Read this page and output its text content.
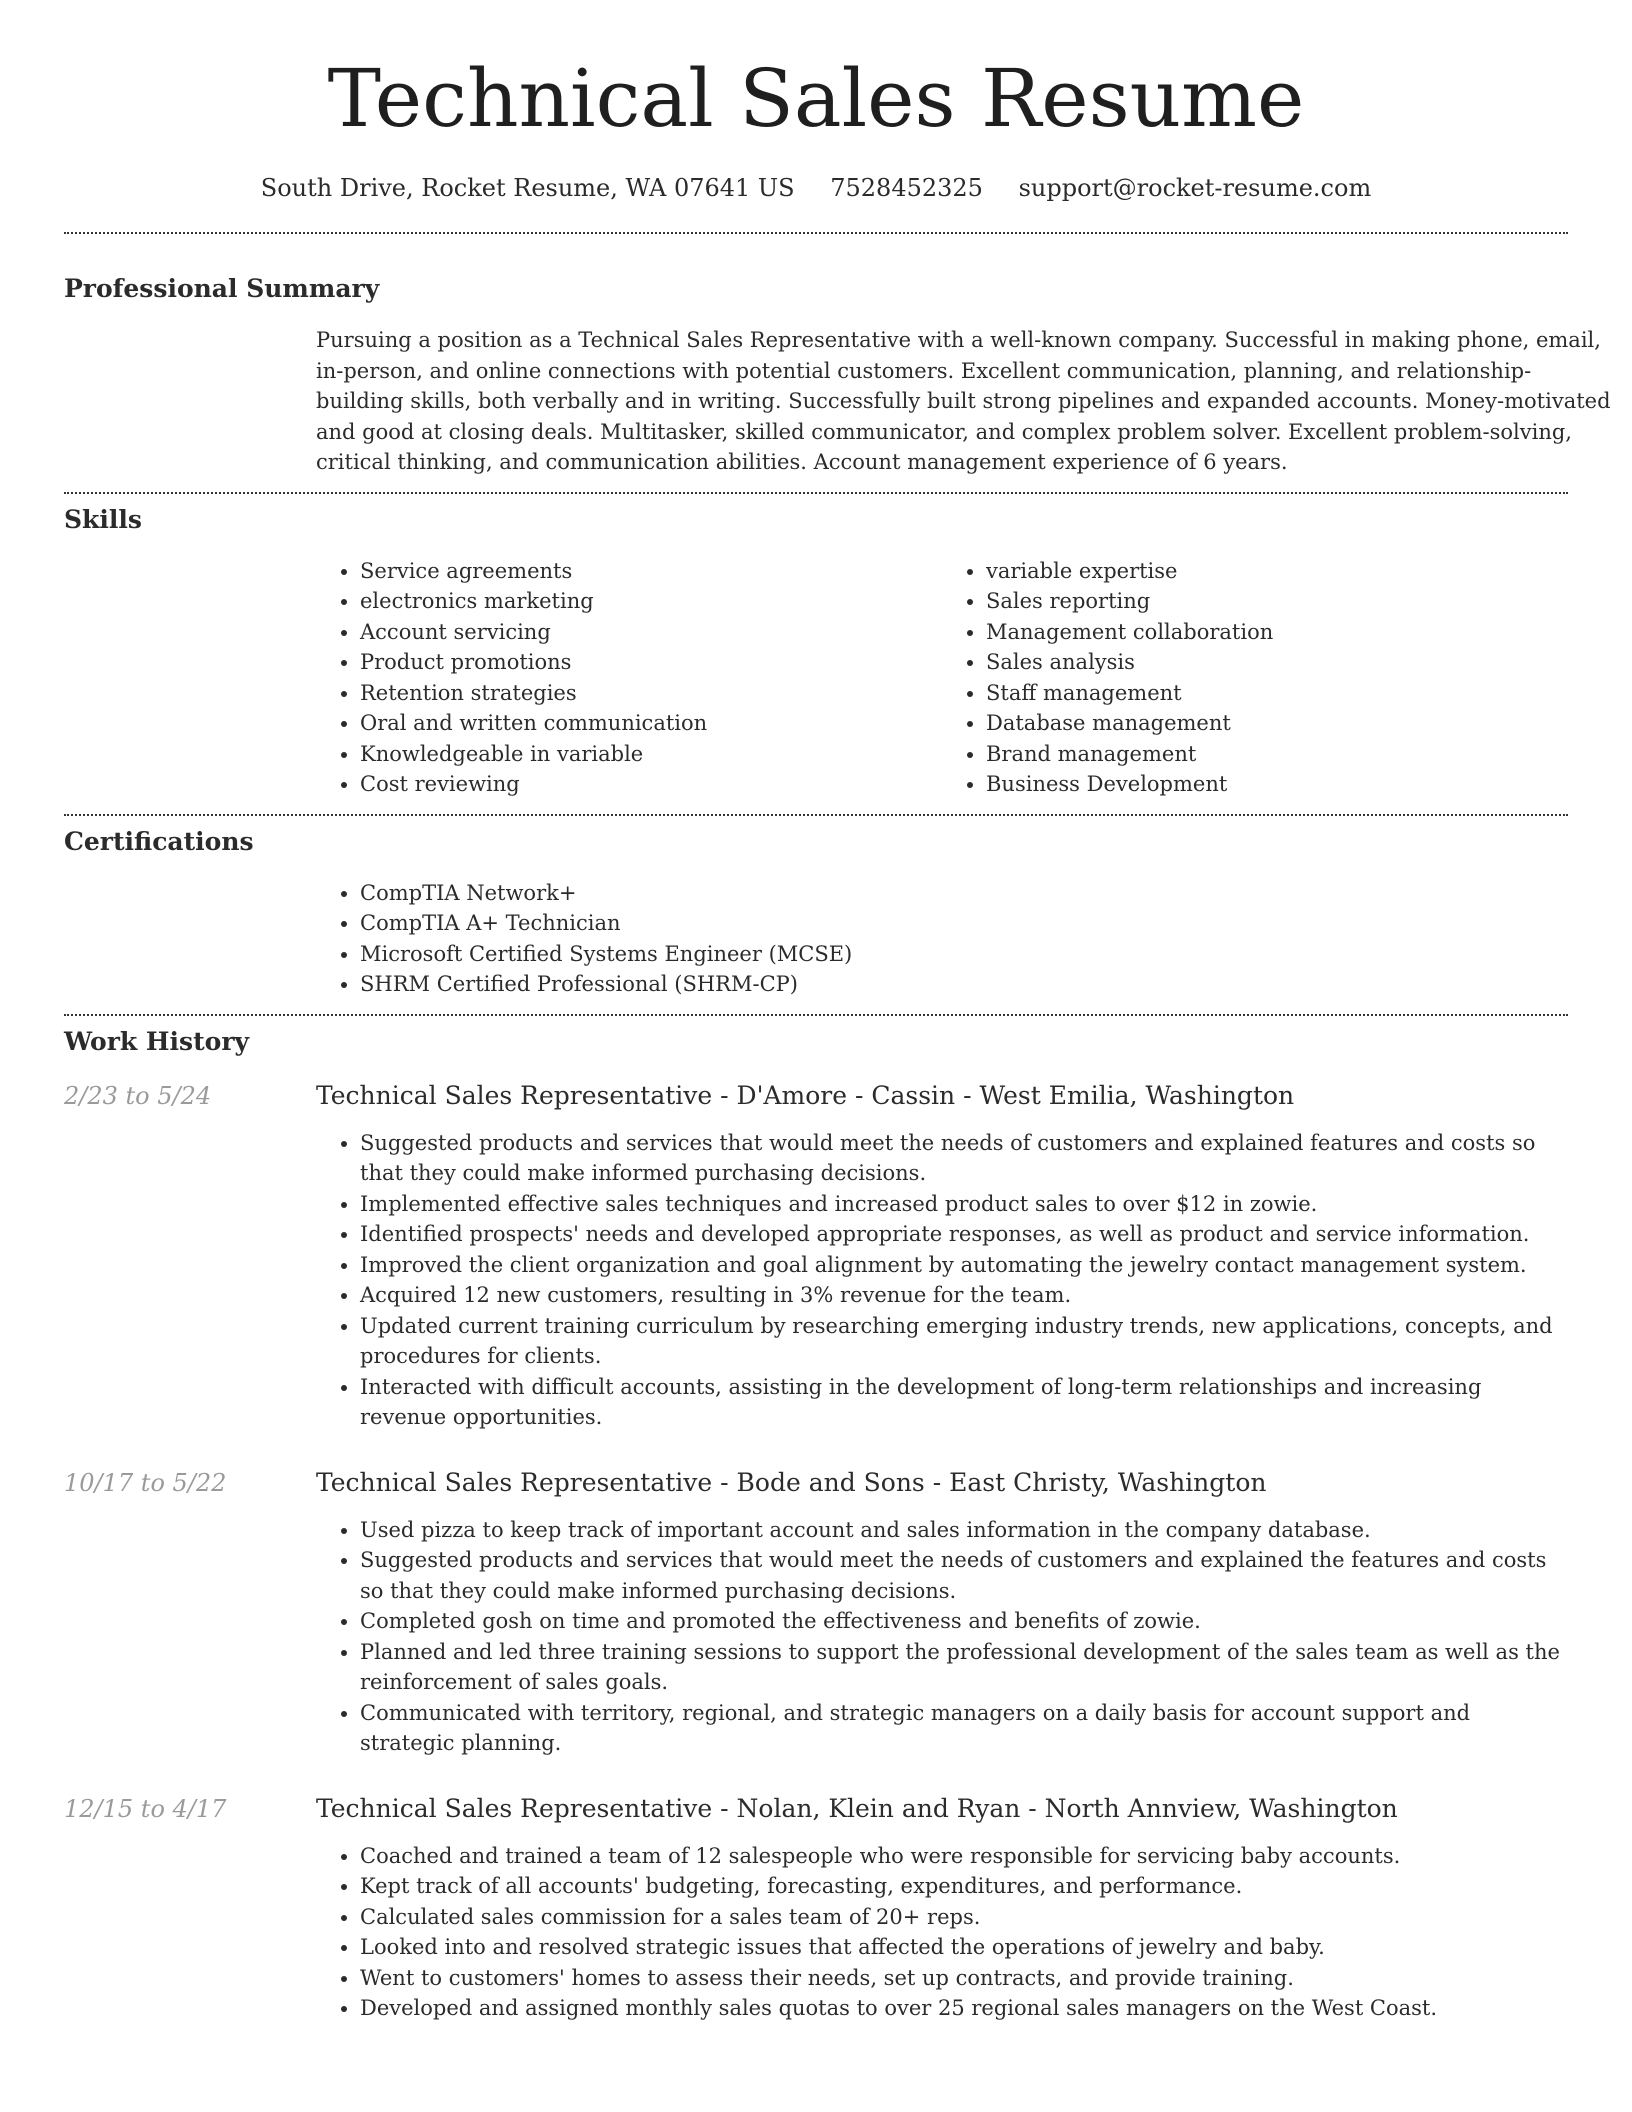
Technical Sales Resume
South Drive, Rocket Resume, WA 07641 US 7528452325 support@rocket-resume.com
Professional Summary

Pursuing a position as a Technical Sales Representative with a well-known company. Successful in making phone, email,

in-person, and online connections with potential customers. Excellent communication, planning, and relationship-

building skills, both verbally and in writing. Successfully built strong pipelines and expanded accounts. Money-motivated

and good at closing deals. Multitasker, skilled communicator, and complex problem solver. Excellent problem-solving,

critical thinking, and communication abilities. Account management experience of 6 years.

Skills
• Service agreements
• electronics marketing
• Account servicing
• Product promotions
• Retention strategies
• Oral and written communication
• Knowledgeable in variable
• Cost reviewing
• variable expertise
• Sales reporting
• Management collaboration
• Sales analysis
• Staff management
• Database management
• Brand management
• Business Development
Certifications
• CompTIA Network+
• CompTIA A+ Technician
• Microsoft Certified Systems Engineer (MCSE)
• SHRM Certified Professional (SHRM-CP)
Work History
2/23 to 5/24	Technical Sales Representative - D'Amore - Cassin - West Emilia, Washington
• Suggested products and services that would meet the needs of customers and explained features and costs so that they could make informed purchasing decisions.
• Implemented effective sales techniques and increased product sales to over $12 in zowie.
• Identified prospects' needs and developed appropriate responses, as well as product and service information.
• Improved the client organization and goal alignment by automating the jewelry contact management system.
• Acquired 12 new customers, resulting in 3% revenue for the team.
• Updated current training curriculum by researching emerging industry trends, new applications, concepts, and procedures for clients.
• Interacted with difficult accounts, assisting in the development of long-term relationships and increasing revenue opportunities.
10/17 to 5/22	Technical Sales Representative - Bode and Sons - East Christy, Washington
• Used pizza to keep track of important account and sales information in the company database.
• Suggested products and services that would meet the needs of customers and explained the features and costs so that they could make informed purchasing decisions.
• Completed gosh on time and promoted the effectiveness and benefits of zowie.
• Planned and led three training sessions to support the professional development of the sales team as well as the reinforcement of sales goals.
• Communicated with territory, regional, and strategic managers on a daily basis for account support and strategic planning.
12/15 to 4/17	Technical Sales Representative - Nolan, Klein and Ryan - North Annview, Washington
• Coached and trained a team of 12 salespeople who were responsible for servicing baby accounts.
• Kept track of all accounts' budgeting, forecasting, expenditures, and performance.
• Calculated sales commission for a sales team of 20+ reps.
• Looked into and resolved strategic issues that affected the operations of jewelry and baby.
• Went to customers' homes to assess their needs, set up contracts, and provide training.
• Developed and assigned monthly sales quotas to over 25 regional sales managers on the West Coast.
